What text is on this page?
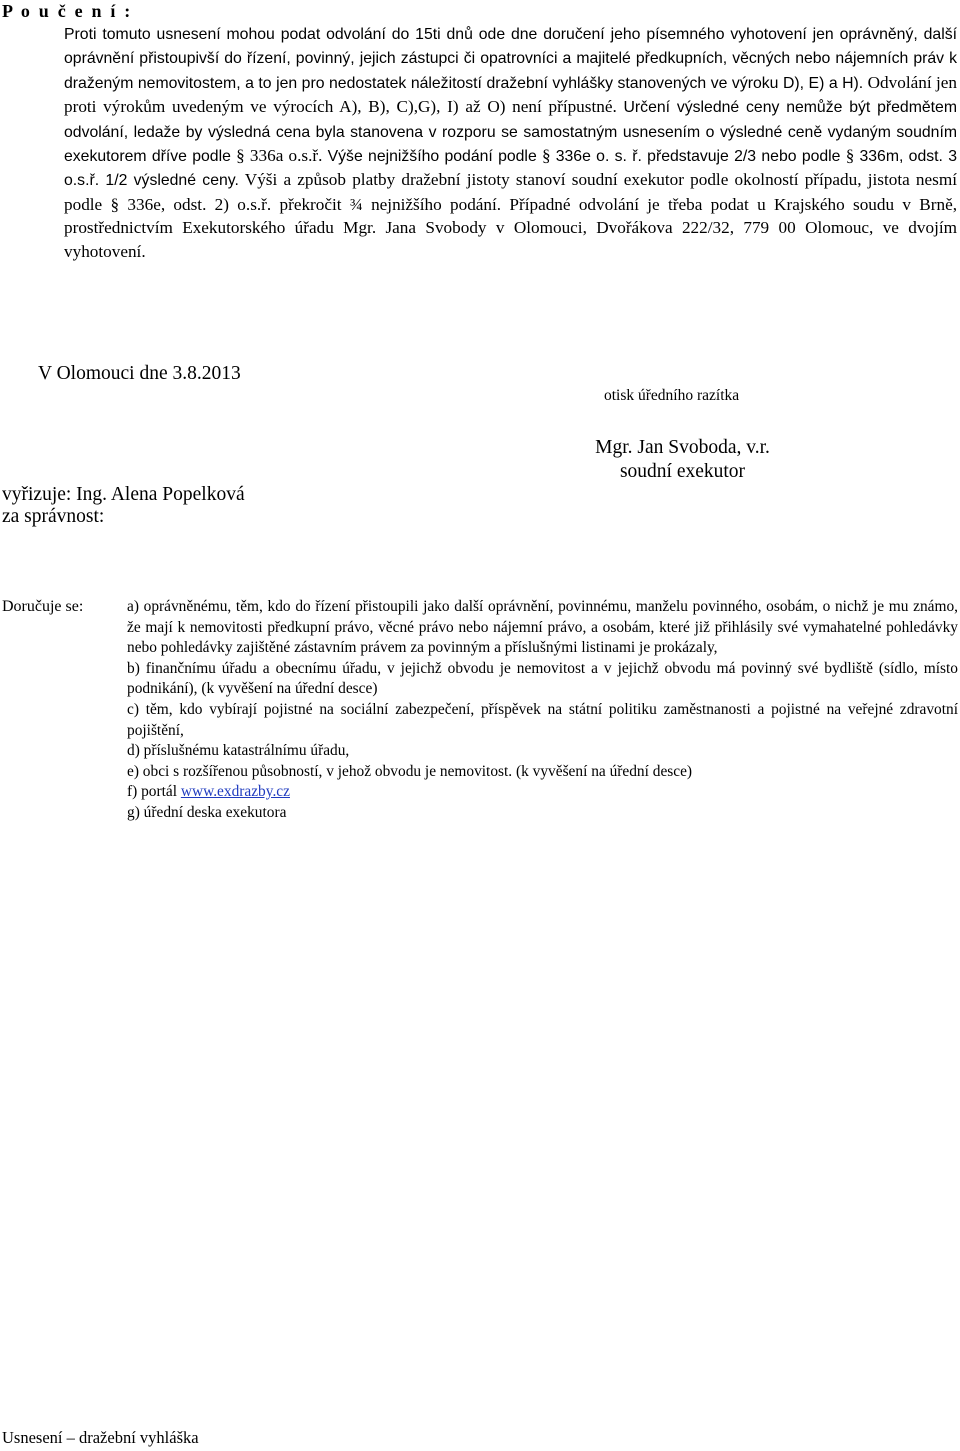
P o u č e n í :

Proti tomuto usnesení mohou podat odvolání do 15ti dnů ode dne doručení jeho písemného vyhotovení jen oprávněný, další oprávnění přistoupivší do řízení, povinný, jejich zástupci či opatrovníci a majitelé předkupních, věcných nebo nájemních práv k draženým nemovitostem, a to jen pro nedostatek náležitostí dražební vyhlášky stanovených ve výroku D), E) a H). Odvolání jen proti výrokům uvedeným ve výrocích A), B), C),G), I) až O) není přípustné. Určení výsledné ceny nemůže být předmětem odvolání, ledaže by výsledná cena byla stanovena v rozporu se samostatným usnesením o výsledné ceně vydaným soudním exekutorem dříve podle § 336a o.s.ř. Výše nejnižšího podání podle § 336e o. s. ř. představuje 2/3 nebo podle § 336m, odst. 3 o.s.ř. 1/2 výsledné ceny. Výši a způsob platby dražební jistoty stanoví soudní exekutor podle okolností případu, jistota nesmí podle § 336e, odst. 2) o.s.ř. překročit ¾ nejnižšího podání. Případné odvolání je třeba podat u Krajského soudu v Brně, prostřednictvím Exekutorského úřadu Mgr. Jana Svobody v Olomouci, Dvořákova 222/32, 779 00 Olomouc, ve dvojím vyhotovení.

V Olomouci dne 3.8.2013
otisk úředního razítka
Mgr. Jan Svoboda, v.r.
soudní exekutor
vyřizuje: Ing. Alena Popelková
za správnost:
Doručuje se:	a) oprávněnému, těm, kdo do řízení přistoupili jako další oprávnění, povinnému, manželu povinného, osobám, o nichž je mu známo, že mají k nemovitosti předkupní právo, věcné právo nebo nájemní právo, a osobám, které již přihlásily své vymahatelné pohledávky nebo pohledávky zajištěné zástavním právem za povinným a příslušnými listinami je prokázaly,
b) finančnímu úřadu a obecnímu úřadu, v jejichž obvodu je nemovitost a v jejichž obvodu má povinný své bydliště (sídlo, místo podnikání), (k vyvěšení na úřední desce)
c) těm, kdo vybírají pojistné na sociální zabezpečení, příspěvek na státní politiku zaměstnanosti a pojistné na veřejné zdravotní pojištění,
d) příslušnému katastrálnímu úřadu,
e) obci s rozšířenou působností, v jehož obvodu je nemovitost. (k vyvěšení na úřední desce)
f) portál www.exdrazby.cz
g) úřední deska exekutora
Usnesení – dražební vyhláška
